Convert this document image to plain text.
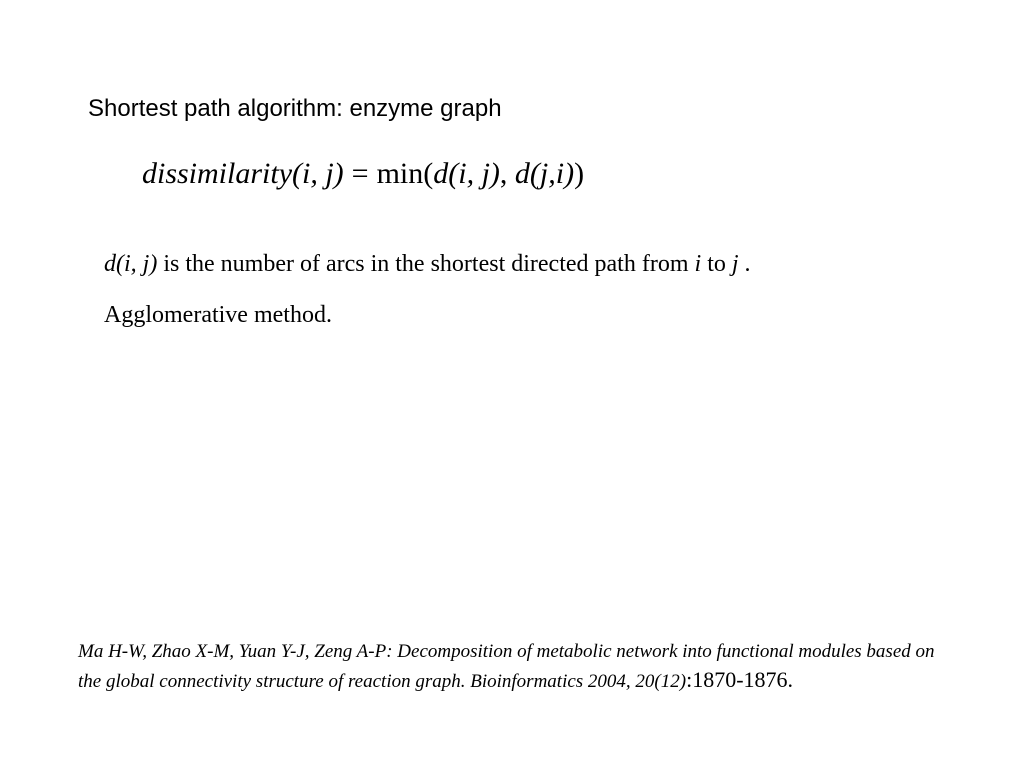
Shortest path algorithm: enzyme graph
dissimilarity(i, j) = min(d(i, j), d(j,i))
d(i, j) is the number of arcs in the shortest directed path from i to j .
Agglomerative method.
Ma H-W, Zhao X-M, Yuan Y-J, Zeng A-P: Decomposition of metabolic network into functional modules based on the global connectivity structure of reaction graph. Bioinformatics 2004, 20(12):1870-1876.
